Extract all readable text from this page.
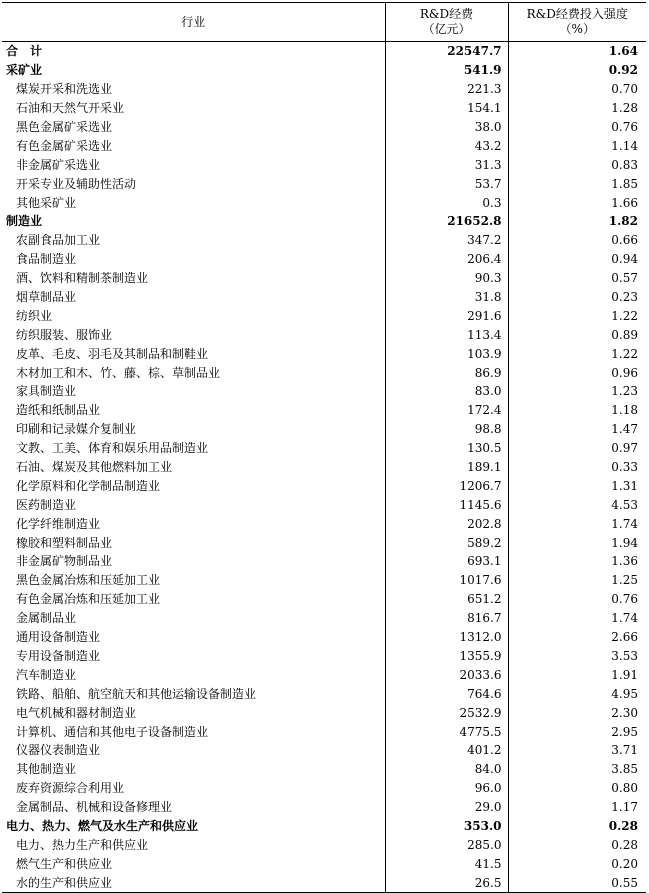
行业	R&D经费
（亿元）	R&D经费投入强度
（%）
合　计	22547.7	1.64
采矿业	541.9	0.92
煤炭开采和洗选业	221.3	0.70
石油和天然气开采业	154.1	1.28
黑色金属矿采选业	38.0	0.76
有色金属矿采选业	43.2	1.14
非金属矿采选业	31.3	0.83
开采专业及辅助性活动	53.7	1.85
其他采矿业	0.3	1.66
制造业	21652.8	1.82
农副食品加工业	347.2	0.66
食品制造业	206.4	0.94
酒、饮料和精制茶制造业	90.3	0.57
烟草制品业	31.8	0.23
纺织业	291.6	1.22
纺织服装、服饰业	113.4	0.89
皮革、毛皮、羽毛及其制品和制鞋业	103.9	1.22
木材加工和木、竹、藤、棕、草制品业	86.9	0.96
家具制造业	83.0	1.23
造纸和纸制品业	172.4	1.18
印刷和记录媒介复制业	98.8	1.47
文教、工美、体育和娱乐用品制造业	130.5	0.97
石油、煤炭及其他燃料加工业	189.1	0.33
化学原料和化学制品制造业	1206.7	1.31
医药制造业	1145.6	4.53
化学纤维制造业	202.8	1.74
橡胶和塑料制品业	589.2	1.94
非金属矿物制品业	693.1	1.36
黑色金属冶炼和压延加工业	1017.6	1.25
有色金属冶炼和压延加工业	651.2	0.76
金属制品业	816.7	1.74
通用设备制造业	1312.0	2.66
专用设备制造业	1355.9	3.53
汽车制造业	2033.6	1.91
铁路、船舶、航空航天和其他运输设备制造业	764.6	4.95
电气机械和器材制造业	2532.9	2.30
计算机、通信和其他电子设备制造业	4775.5	2.95
仪器仪表制造业	401.2	3.71
其他制造业	84.0	3.85
废弃资源综合利用业	96.0	0.80
金属制品、机械和设备修理业	29.0	1.17
电力、热力、燃气及水生产和供应业	353.0	0.28
电力、热力生产和供应业	285.0	0.28
燃气生产和供应业	41.5	0.20
水的生产和供应业	26.5	0.55
